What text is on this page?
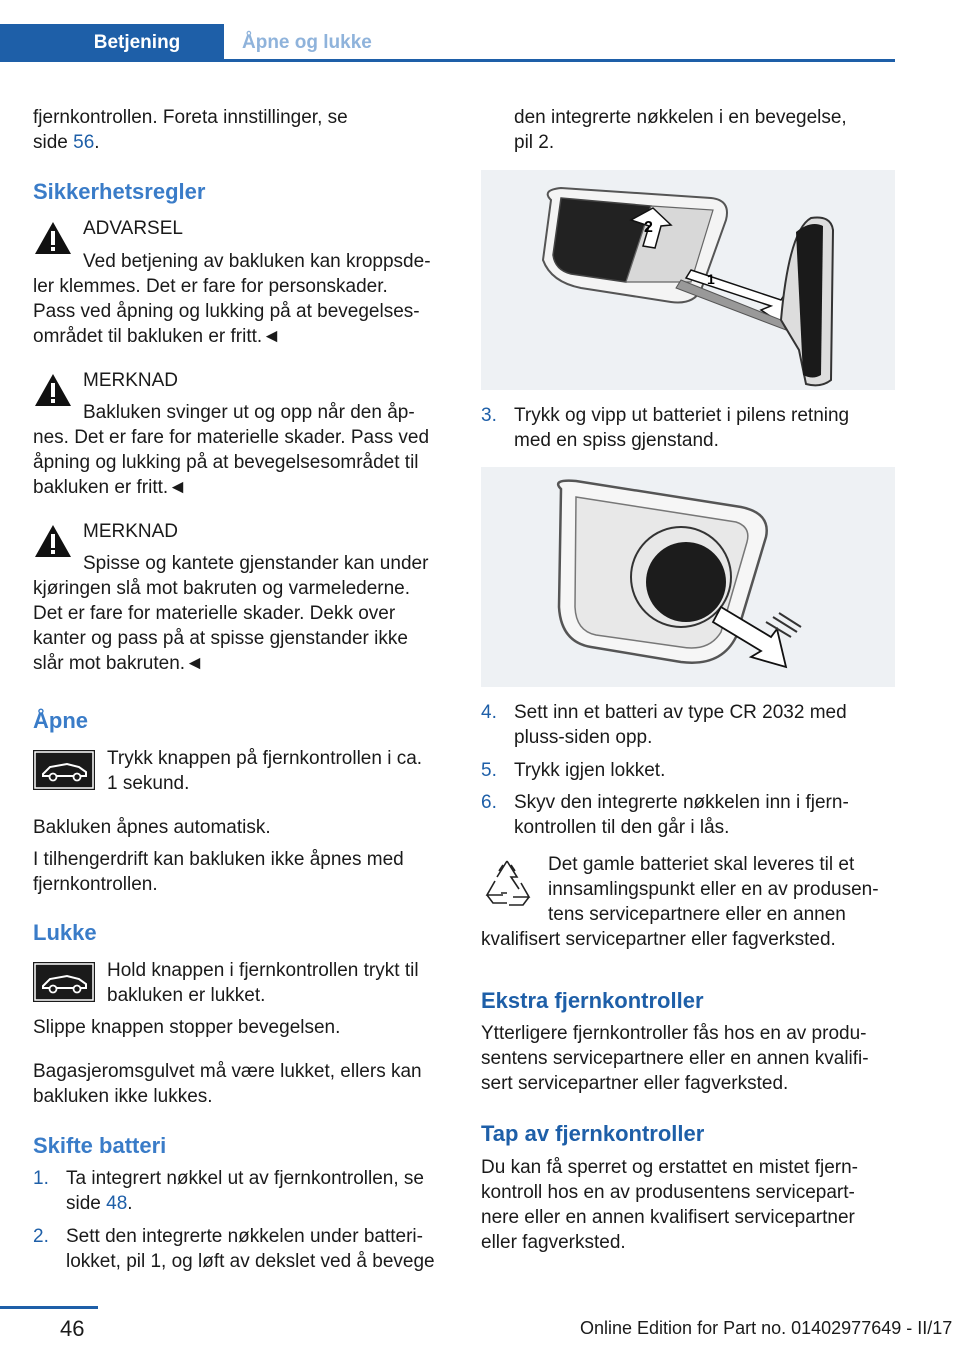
Betjening	Åpne og lukke

fjernkontrollen. Foreta innstillinger, se

side 56.

Sikkerhetsregler

ADVARSEL

Ved betjening av bakluken kan kroppsde-

ler klemmes. Det er fare for personskader.

Pass ved åpning og lukking på at bevegelses-

området til bakluken er fritt.◄

MERKNAD

Bakluken svinger ut og opp når den åp-

nes. Det er fare for materielle skader. Pass ved

åpning og lukking på at bevegelsesområdet til

bakluken er fritt.◄

MERKNAD

Spisse og kantete gjenstander kan under

kjøringen slå mot bakruten og varmelederne.

Det er fare for materielle skader. Dekk over

kanter og pass på at spisse gjenstander ikke

slår mot bakruten.◄

Åpne

Trykk knappen på fjernkontrollen i ca.

1 sekund.

Bakluken åpnes automatisk.

I tilhengerdrift kan bakluken ikke åpnes med

fjernkontrollen.

Lukke

Hold knappen i fjernkontrollen trykt til

bakluken er lukket.

Slippe knappen stopper bevegelsen.

Bagasjeromsgulvet må være lukket, ellers kan

bakluken ikke lukkes.

Skifte batteri
1. Ta integrert nøkkel ut av fjernkontrollen, se
side 48.
2. Sett den integrerte nøkkelen under batteri-
lokket, pil 1, og løft av dekslet ved å bevege

den integrerte nøkkelen i en bevegelse,

pil 2.

2
1
3. Trykk og vipp ut batteriet i pilens retning
med en spiss gjenstand.
4. Sett inn et batteri av type CR 2032 med
pluss-siden opp.
5. Trykk igjen lokket.
6. Skyv den integrerte nøkkelen inn i fjern-
kontrollen til den går i lås.

Det gamle batteriet skal leveres til et

innsamlingspunkt eller en av produsen-

tens servicepartnere eller en annen

kvalifisert servicepartner eller fagverksted.

Ekstra fjernkontroller

Ytterligere fjernkontroller fås hos en av produ-

sentens servicepartnere eller en annen kvalifi-

sert servicepartner eller fagverksted.

Tap av fjernkontroller

Du kan få sperret og erstattet en mistet fjern-

kontroll hos en av produsentens servicepart-

nere eller en annen kvalifisert servicepartner

eller fagverksted.

46	Online Edition for Part no. 01402977649 - II/17
